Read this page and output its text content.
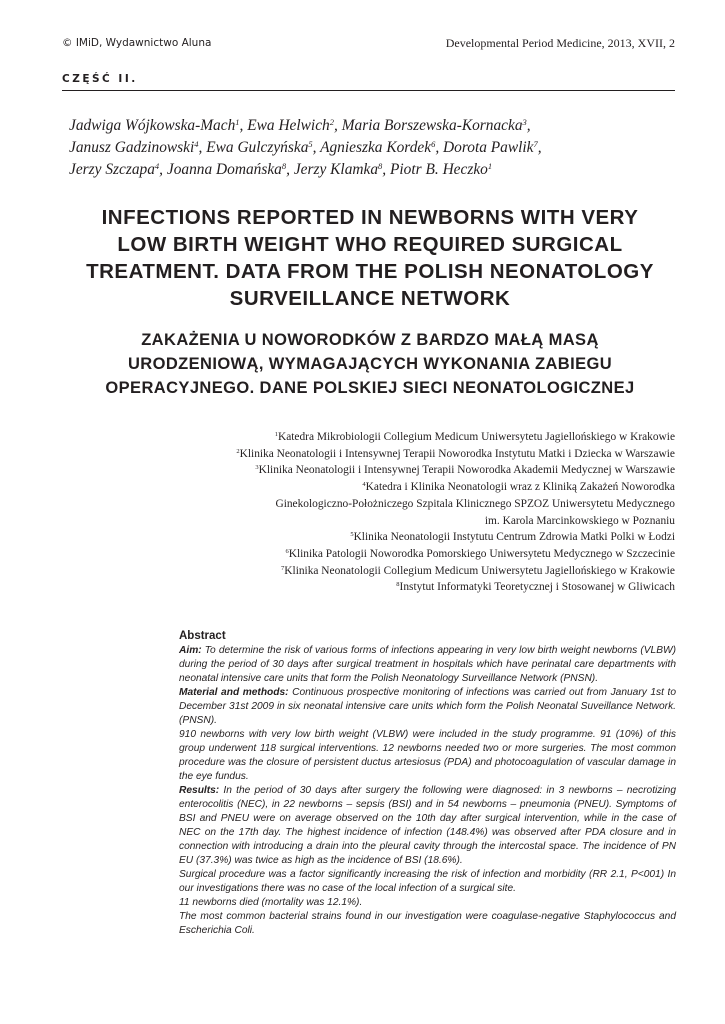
© IMiD, Wydawnictwo Aluna	Developmental Period Medicine, 2013, XVII, 2
CZĘŚĆ II.
Jadwiga Wójkowska-Mach$^1$, Ewa Helwich$^2$, Maria Borszewska-Kornacka$^3$,
Janusz Gadzinowski$^4$, Ewa Gulczyńska$^5$, Agnieszka Kordek$^6$, Dorota Pawlik$^7$,
Jerzy Szczapa$^4$, Joanna Domańska$^8$, Jerzy Klamka$^8$, Piotr B. Heczko$^1$
INFECTIONS REPORTED IN NEWBORNS WITH VERY
LOW BIRTH WEIGHT WHO REQUIRED SURGICAL
TREATMENT. DATA FROM THE POLISH NEONATOLOGY
SURVEILLANCE NETWORK
ZAKAŻENIA U NOWORODKÓW Z BARDZO MAŁĄ MASĄ
URODZENIOWĄ, WYMAGAJĄCYCH WYKONANIA ZABIEGU
OPERACYJNEGO. DANE POLSKIEJ SIECI NEONATOLOGICZNEJ
$^1$Katedra Mikrobiologii Collegium Medicum Uniwersytetu Jagiellońskiego w Krakowie
$^2$Klinika Neonatologii i Intensywnej Terapii Noworodka Instytutu Matki i Dziecka w Warszawie
$^3$Klinika Neonatologii i Intensywnej Terapii Noworodka Akademii Medycznej w Warszawie
$^4$Katedra i Klinika Neonatologii wraz z Kliniką Zakażeń Noworodka
Ginekologiczno-Położniczego Szpitala Klinicznego SPZOZ Uniwersytetu Medycznego
im. Karola Marcinkowskiego w Poznaniu
$^5$Klinika Neonatologii Instytutu Centrum Zdrowia Matki Polki w Łodzi
$^6$Klinika Patologii Noworodka Pomorskiego Uniwersytetu Medycznego w Szczecinie
$^7$Klinika Neonatologii Collegium Medicum Uniwersytetu Jagiellońskiego w Krakowie
$^8$Instytut Informatyki Teoretycznej i Stosowanej w Gliwicach
Abstract

Aim: To determine the risk of various forms of infections appearing in very low birth weight newborns (VLBW) during the period of 30 days after surgical treatment in hospitals which have perinatal care departments with neonatal intensive care units that form the Polish Neonatology Surveillance Network (PNSN).

Material and methods: Continuous prospective monitoring of infections was carried out from January 1st to December 31st 2009 in six neonatal intensive care units which form the Polish Neonatal Suveillance Network. (PNSN).

910 newborns with very low birth weight (VLBW) were included in the study programme. 91 (10%) of this group underwent 118 surgical interventions. 12 newborns needed two or more surgeries. The most common procedure was the closure of persistent ductus artesiosus (PDA) and photocoagulation of vascular damage in the eye fundus.

Results: In the period of 30 days after surgery the following were diagnosed: in 3 newborns – necrotizing enterocolitis (NEC), in 22 newborns – sepsis (BSI) and in 54 newborns – pneumonia (PNEU). Symptoms of BSI and PNEU were on average observed on the 10th day after surgical intervention, while in the case of NEC on the 17th day. The highest incidence of infection (148.4%) was observed after PDA closure and in connection with introducing a drain into the pleural cavity through the intercostal space. The incidence of PN EU (37.3%) was twice as high as the incidence of BSI (18.6%).

Surgical procedure was a factor significantly increasing the risk of infection and morbidity (RR 2.1, P<001) In our investigations there was no case of the local infection of a surgical site.

11 newborns died (mortality was 12.1%).

The most common bacterial strains found in our investigation were coagulase-negative Staphylococcus and Escherichia Coli.
